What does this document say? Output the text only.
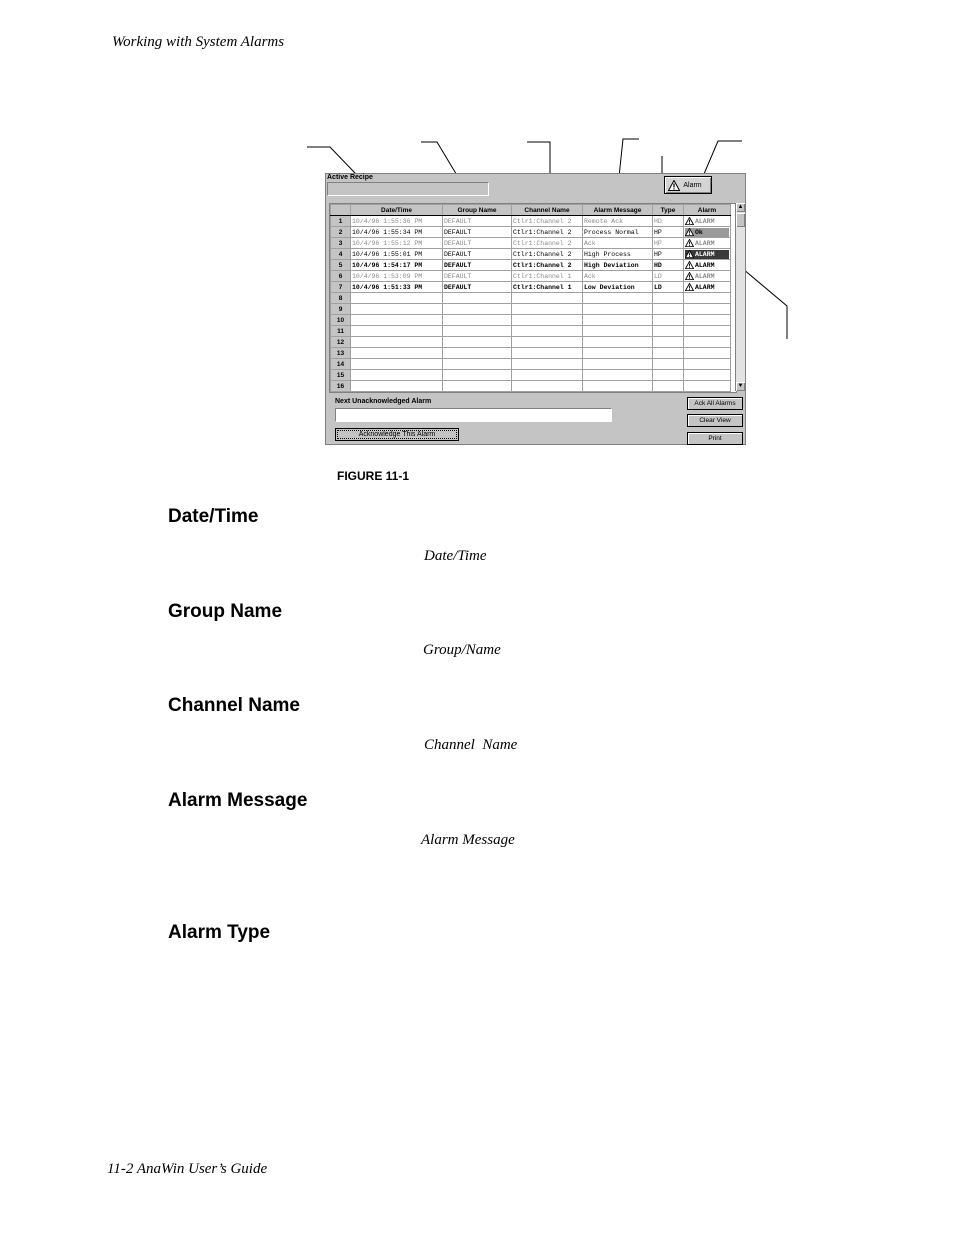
Working with System Alarms
Active Recipe
Alarm
	Date/Time	Group Name	Channel Name	Alarm Message	Type	Alarm
1	10/4/96 1:55:36 PM	DEFAULT	Ctlr1:Channel 2	Remote Ack	HD	ALARM

2	10/4/96 1:55:34 PM	DEFAULT	Ctlr1:Channel 2	Process Normal	HP	Ok

3	10/4/96 1:55:12 PM	DEFAULT	Ctlr1:Channel 2	Ack	HP	ALARM

4	10/4/96 1:55:01 PM	DEFAULT	Ctlr1:Channel 2	High Process	HP	ALARM

5	10/4/96 1:54:17 PM	DEFAULT	Ctlr1:Channel 2	High Deviation	HD	ALARM

6	10/4/96 1:53:09 PM	DEFAULT	Ctlr1:Channel 1	Ack	LD	ALARM

7	10/4/96 1:51:33 PM	DEFAULT	Ctlr1:Channel 1	Low Deviation	LD	ALARM

8						
9						
10						
11						
12						
13						
14						
15						
16						
▲
▼
Next Unacknowledged Alarm
Acknowledge This Alarm
Ack All Alarms
Clear View
Print
FIGURE 11-1
Date/Time
Date/Time
Group Name
Group/Name
Channel Name
Channel  Name
Alarm Message
Alarm Message
Alarm Type
11-2 AnaWin User’s Guide
